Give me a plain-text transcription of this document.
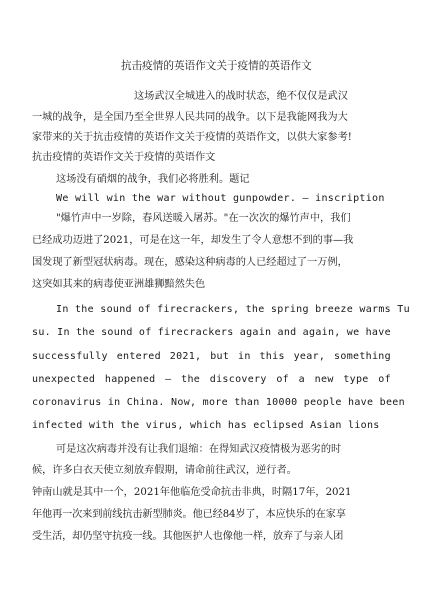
抗击疫情的英语作文关于疫情的英语作文

这场武汉全城进入的战时状态，绝不仅仅是武汉

一城的战争，是全国乃至全世界人民共同的战争。以下是我能网我为大

家带来的关于抗击疫情的英语作文关于疫情的英语作文，以供大家参考!

抗击疫情的英语作文关于疫情的英语作文

这场没有硝烟的战争，我们必将胜利。题记

We will win the war without gunpowder. — inscription

"爆竹声中一岁除，春风送暖入屠苏。"在一次次的爆竹声中，我们

已经成功迈进了2021，可是在这一年，却发生了令人意想不到的事—我

国发现了新型冠状病毒。现在，感染这种病毒的人已经超过了一万例，

这突如其来的病毒使亚洲雄狮黯然失色

In the sound of firecrackers, the spring breeze warms Tu

su. In the sound of firecrackers again and again, we have
successfully entered 2021, but in this year, something
unexpected happened – the discovery of a new type of

coronavirus in China. Now, more than 10000 people have been

infected with the virus, which has eclipsed Asian lions

可是这次病毒并没有让我们退缩：在得知武汉疫情极为恶劣的时

候，许多白衣天使立刻放弃假期，请命前往武汉，逆行者。

钟南山就是其中一个，2021年他临危受命抗击非典，时隔17年，2021

年他再一次来到前线抗击新型肺炎。他已经84岁了，本应快乐的在家享

受生活，却仍坚守抗疫一线。其他医护人也像他一样，放弃了与亲人团
